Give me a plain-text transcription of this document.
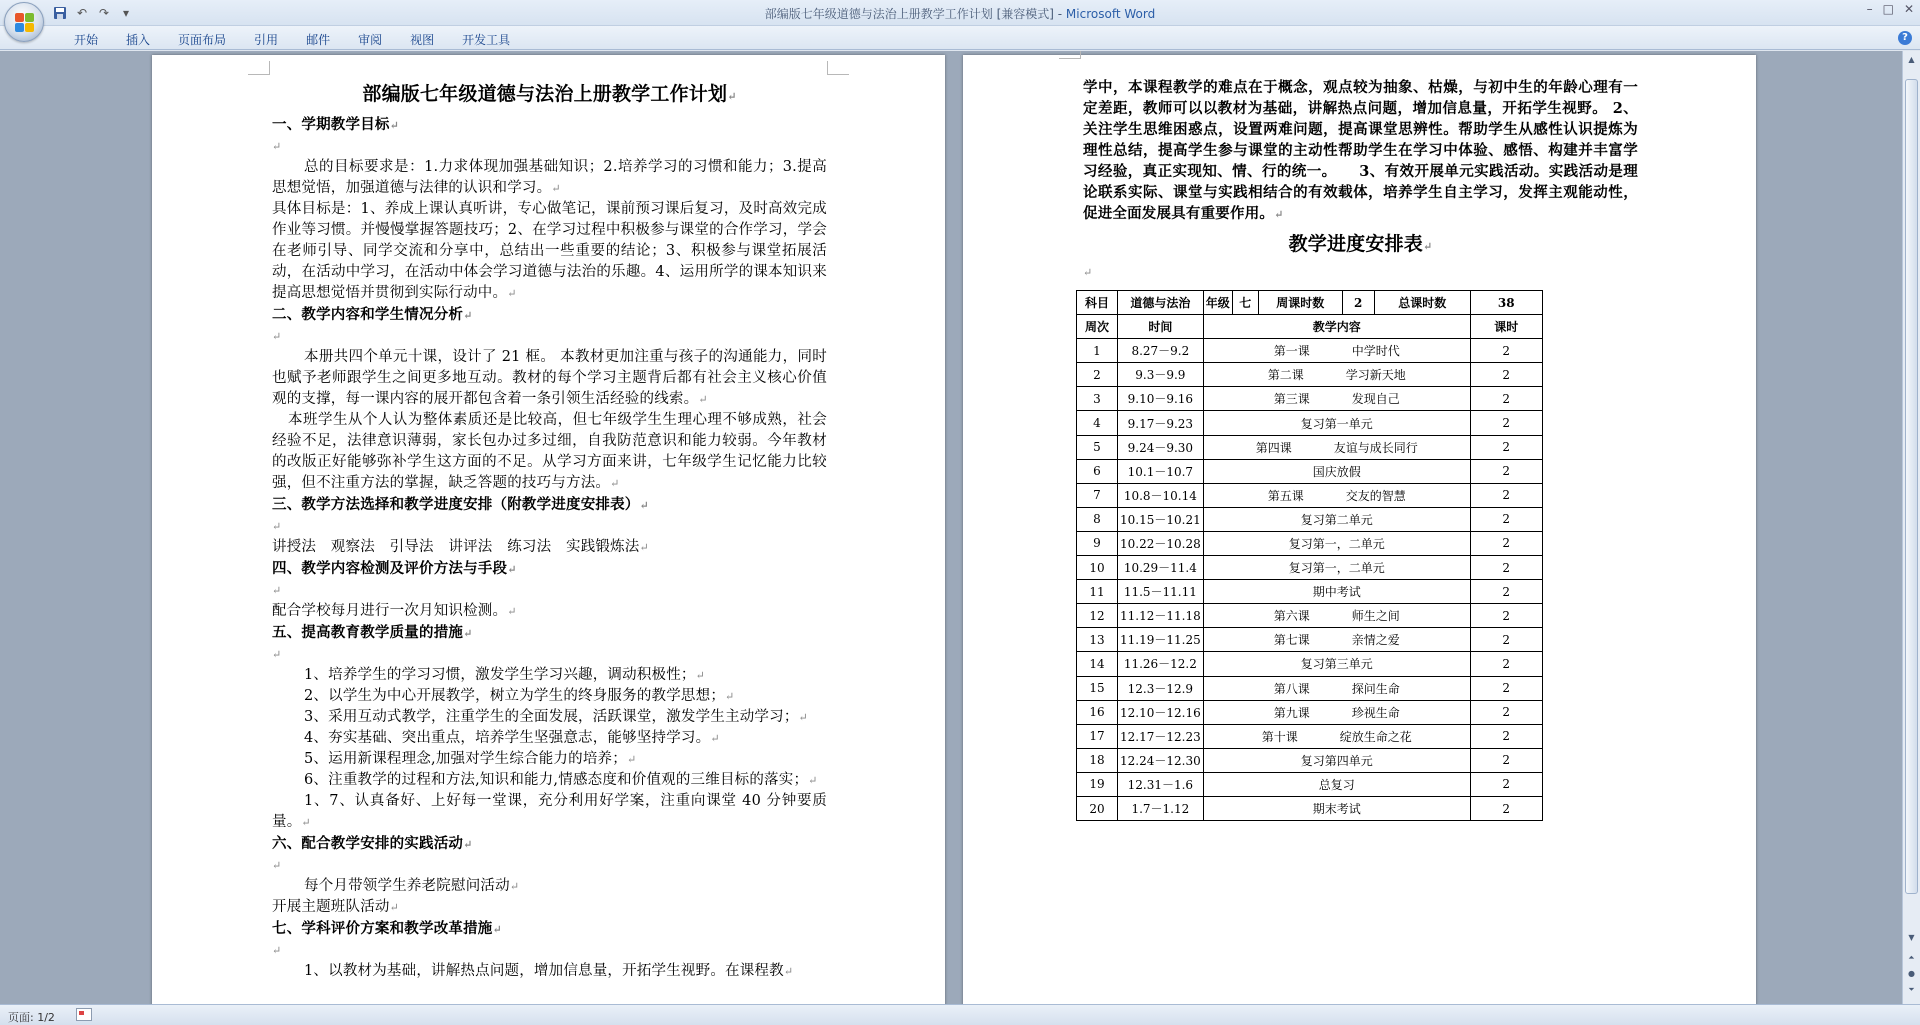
↶ ↷	▾	部编版七年级道德与法治上册教学工作计划 [兼容模式] - Microsoft Word	– □ ✕
开始	插入	页面布局	引用	邮件	审阅	视图	开发工具	?
部编版七年级道德与法治上册教学工作计划↵
一、学期教学目标↵
↵
总的目标要求是：1.力求体现加强基础知识；2.培养学习的习惯和能力；3.提高思想觉悟，加强道德与法律的认识和学习。↵
具体目标是：1、养成上课认真听讲，专心做笔记，课前预习课后复习，及时高效完成作业等习惯。并慢慢掌握答题技巧；2、在学习过程中积极参与课堂的合作学习，学会在老师引导、同学交流和分享中，总结出一些重要的结论；3、积极参与课堂拓展活动，在活动中学习，在活动中体会学习道德与法治的乐趣。4、运用所学的课本知识来提高思想觉悟并贯彻到实际行动中。↵
二、教学内容和学生情况分析↵
↵
本册共四个单元十课，设计了 21 框。 本教材更加注重与孩子的沟通能力，同时也赋予老师跟学生之间更多地互动。教材的每个学习主题背后都有社会主义核心价值观的支撑，每一课内容的展开都包含着一条引领生活经验的线索。↵
本班学生从个人认为整体素质还是比较高，但七年级学生生理心理不够成熟，社会经验不足，法律意识薄弱，家长包办过多过细，自我防范意识和能力较弱。今年教材的改版正好能够弥补学生这方面的不足。从学习方面来讲，七年级学生记忆能力比较强，但不注重方法的掌握，缺乏答题的技巧与方法。↵
三、教学方法选择和教学进度安排（附教学进度安排表）↵
↵
讲授法　观察法　引导法　讲评法　练习法　实践锻炼法↵
四、教学内容检测及评价方法与手段↵
↵
配合学校每月进行一次月知识检测。↵
五、提高教育教学质量的措施↵
↵
1、培养学生的学习习惯，激发学生学习兴趣，调动积极性；↵
2、以学生为中心开展教学，树立为学生的终身服务的教学思想；↵
3、采用互动式教学，注重学生的全面发展，活跃课堂，激发学生主动学习；↵
4、夯实基础、突出重点，培养学生坚强意志，能够坚持学习。↵
5、运用新课程理念,加强对学生综合能力的培养；↵
6、注重教学的过程和方法,知识和能力,情感态度和价值观的三维目标的落实；↵
1、7、认真备好、上好每一堂课，充分利用好学案，注重向课堂 40 分钟要质量。↵
六、配合教学安排的实践活动↵
↵
每个月带领学生养老院慰问活动↵
开展主题班队活动↵
七、学科评价方案和教学改革措施↵
↵
1、以教材为基础，讲解热点问题，增加信息量，开拓学生视野。在课程教↵
学中，本课程教学的难点在于概念，观点较为抽象、枯燥，与初中生的年龄心理有一定差距，教师可以以教材为基础，讲解热点问题，增加信息量，开拓学生视野。 2、关注学生思维困惑点，设置两难问题，提高课堂思辨性。帮助学生从感性认识提炼为理性总结，提高学生参与课堂的主动性帮助学生在学习中体验、感悟、构建并丰富学习经验，真正实现知、情、行的统一。　　3、有效开展单元实践活动。实践活动是理论联系实际、课堂与实践相结合的有效载体，培养学生自主学习，发挥主观能动性，促进全面发展具有重要作用。↵
教学进度安排表↵
↵
科目	道德与法治	年级	七	周课时数	2	总课时数	38
周次	时间	教学内容					课时
1	8.27－9.2	第一课 中学时代					2
2	9.3－9.9	第二课 学习新天地					2
3	9.10－9.16	第三课 发现自己					2
4	9.17－9.23	复习第一单元					2
5	9.24－9.30	第四课 友谊与成长同行					2
6	10.1－10.7	国庆放假					2
7	10.8－10.14	第五课 交友的智慧					2
8	10.15－10.21	复习第二单元					2
9	10.22－10.28	复习第一，二单元					2
10	10.29－11.4	复习第一，二单元					2
11	11.5－11.11	期中考试					2
12	11.12－11.18	第六课 师生之间					2
13	11.19－11.25	第七课 亲情之爱					2
14	11.26－12.2	复习第三单元					2
15	12.3－12.9	第八课 探问生命					2
16	12.10－12.16	第九课 珍视生命					2
17	12.17－12.23	第十课 绽放生命之花					2
18	12.24－12.30	复习第四单元					2
19	12.31－1.6	总复习					2
20	1.7－1.12	期末考试					2
▲
▼
⏶
●
⏷
页面: 1/2
